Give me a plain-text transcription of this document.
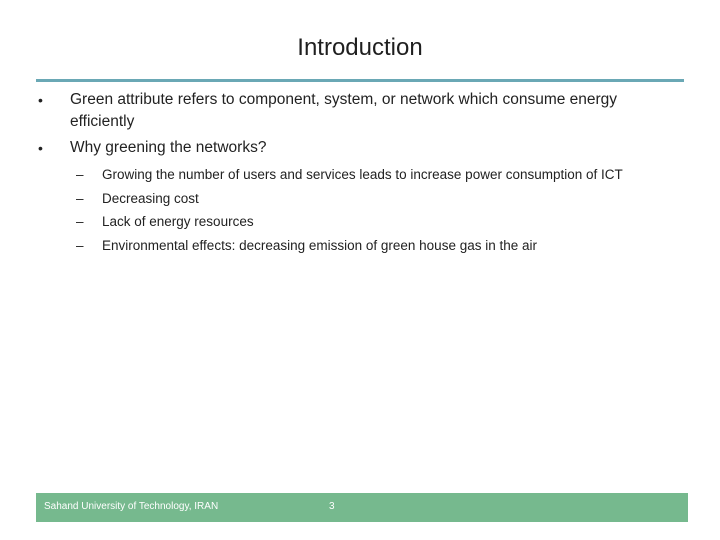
Introduction
• Green attribute refers to component, system, or network which consume energy efficiently
• Why greening the networks?
– Growing the number of users and services leads to increase power consumption of ICT
– Decreasing cost
– Lack of energy resources
– Environmental effects: decreasing emission of green house gas in the air
Sahand University of Technology, IRAN	3
